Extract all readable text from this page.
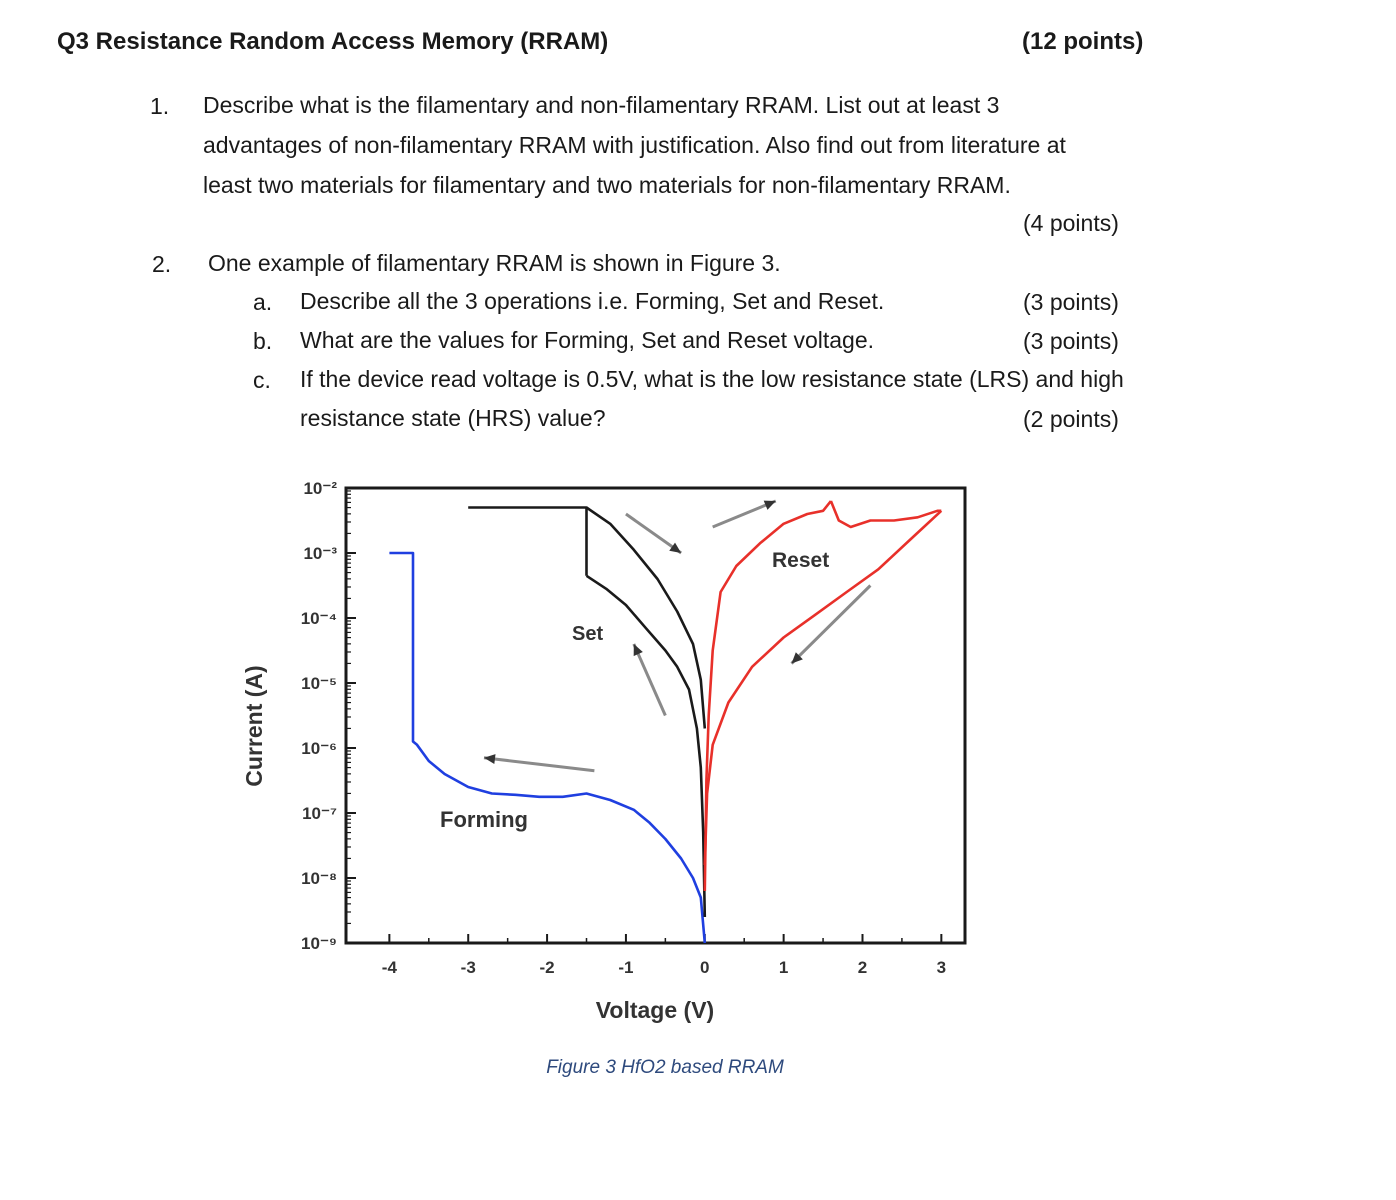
Q3 Resistance Random Access Memory (RRAM)	(12 points)
1. Describe what is the filamentary and non-filamentary RRAM. List out at least 3
advantages of non-filamentary RRAM with justification. Also find out from literature at
least two materials for filamentary and two materials for non-filamentary RRAM.
(4 points)
2. One example of filamentary RRAM is shown in Figure 3.
a. Describe all the 3 operations i.e. Forming, Set and Reset.	(3 points)
b. What are the values for Forming, Set and Reset voltage.	(3 points)
c. If the device read voltage is 0.5V, what is the low resistance state (LRS) and high
resistance state (HRS) value?	(2 points)
-4	-3	-2	-1	0	1	2	3
10⁻²
10⁻³
10⁻⁴
10⁻⁵
10⁻⁶
10⁻⁷
10⁻⁸
10⁻⁹
Forming
Set
Reset
Voltage (V)
Current (A)
Figure 3 HfO2 based RRAM
